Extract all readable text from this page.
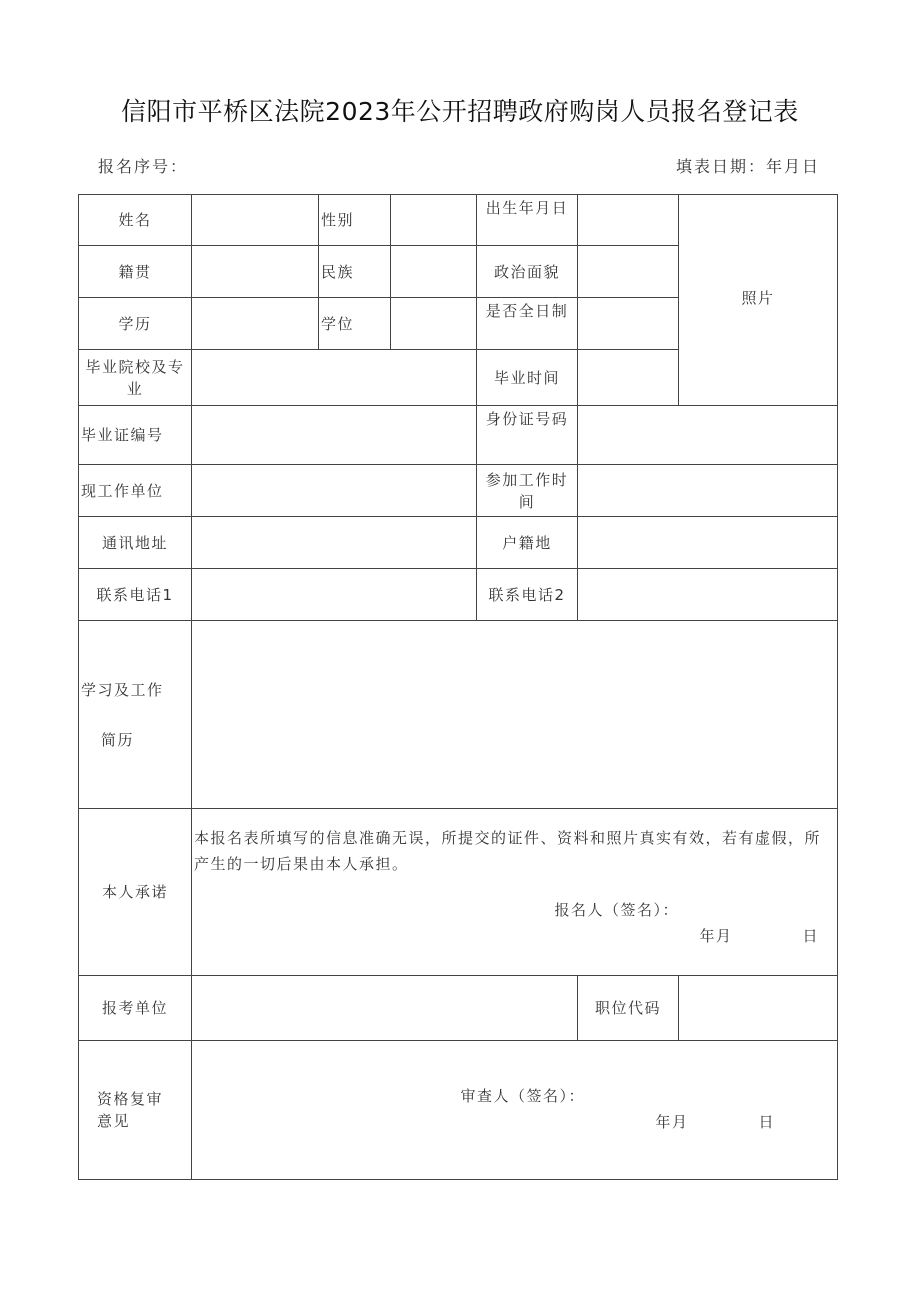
信阳市平桥区法院2023年公开招聘政府购岗人员报名登记表
报名序号：	填表日期：年月日
姓名		性别		出生年月日		照片
籍贯		民族		政治面貌		
学历		学位		是否全日制		
毕业院校及专业				毕业时间		
毕业证编号				身份证号码		
现工作单位				参加工作时间		
通讯地址				户籍地		
联系电话1				联系电话2		
学习及工作
简历						
本人承诺	本报名表所填写的信息准确无误，所提交的证件、资料和照片真实有效，若有虚假，所产生的一切后果由本人承担。
报名人（签名）：
年月 日					

报考单位					职位代码	
资格复审意见	审查人（签名）：
年月 日					
